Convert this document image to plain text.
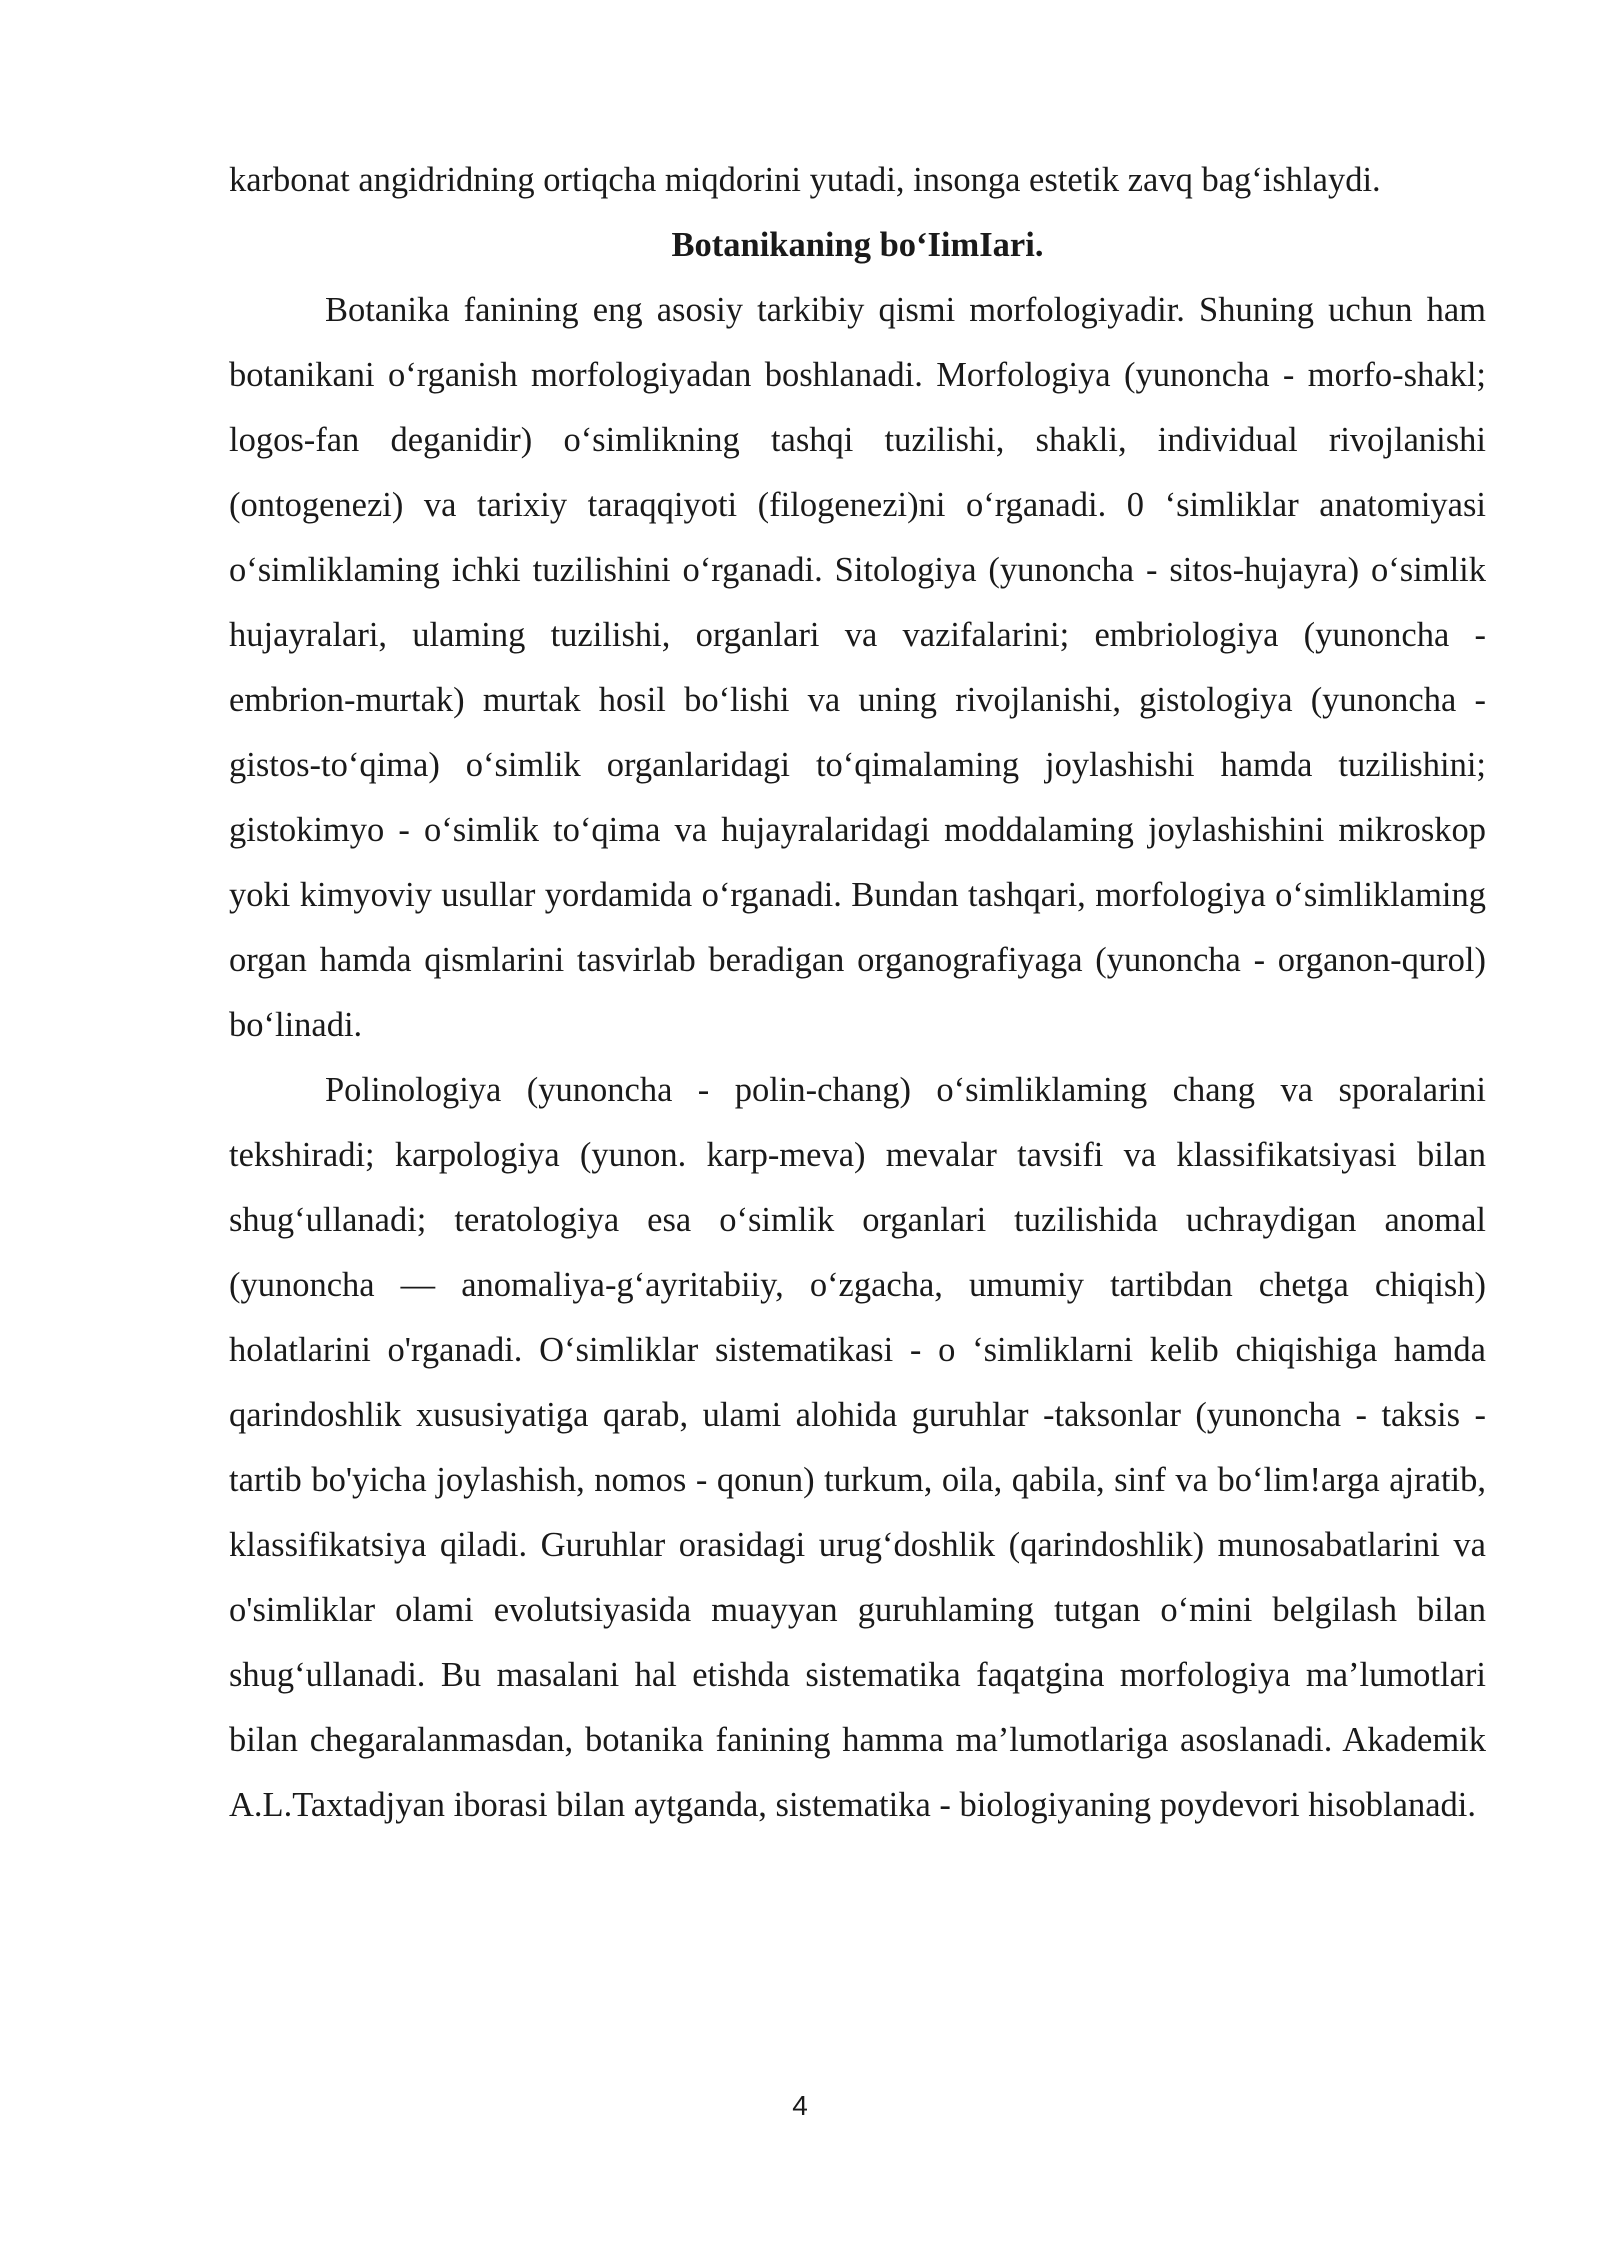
karbonat angidridning ortiqcha miqdorini yutadi, insonga estetik zavq bag‘ishlaydi.

Botanikaning bo‘IimIari.

Botanika fanining eng asosiy tarkibiy qismi morfologiyadir. Shuning uchun ham botanikani o‘rganish morfologiyadan boshlanadi. Morfologiya (yunoncha - morfo-shakl; logos-fan deganidir) o‘simlikning tashqi tuzilishi, shakli, individual rivojlanishi (ontogenezi) va tarixiy taraqqiyoti (filogenezi)ni o‘rganadi. 0 ‘simliklar anatomiyasi o‘simliklaming ichki tuzilishini o‘rganadi. Sitologiya (yunoncha - sitos-hujayra) o‘simlik hujayralari, ulaming tuzilishi, organlari va vazifalarini; embriologiya (yunoncha - embrion-murtak) murtak hosil bo‘lishi va uning rivojlanishi, gistologiya (yunoncha - gistos-to‘qima) o‘simlik organlaridagi to‘qimalaming joylashishi hamda tuzilishini; gistokimyo - o‘simlik to‘qima va hujayralaridagi moddalaming joylashishini mikroskop yoki kimyoviy usullar yordamida o‘rganadi. Bundan tashqari, morfologiya o‘simliklaming organ hamda qismlarini tasvirlab beradigan organografiyaga (yunoncha - organon-qurol) bo‘linadi.

Polinologiya (yunoncha - polin-chang) o‘simliklaming chang va sporalarini tekshiradi; karpologiya (yunon. karp-meva) mevalar tavsifi va klassifikatsiyasi bilan shug‘ullanadi; teratologiya esa o‘simlik organlari tuzilishida uchraydigan anomal (yunoncha — anomaliya-g‘ayritabiiy, o‘zgacha, umumiy tartibdan chetga chiqish) holatlarini o'rganadi. O‘simliklar sistematikasi - o ‘simliklarni kelib chiqishiga hamda qarindoshlik xususiyatiga qarab, ulami alohida guruhlar -taksonlar (yunoncha - taksis - tartib bo'yicha joylashish, nomos - qonun) turkum, oila, qabila, sinf va bo‘lim!arga ajratib, klassifikatsiya qiladi. Guruhlar orasidagi urug‘doshlik (qarindoshlik) munosabatlarini va o'simliklar olami evolutsiyasida muayyan guruhlaming tutgan o‘mini belgilash bilan shug‘ullanadi. Bu masalani hal etishda sistematika faqatgina morfologiya ma’lumotlari bilan chegaralanmasdan, botanika fanining hamma ma’lumotlariga asoslanadi. Akademik A.L.Taxtadjyan iborasi bilan aytganda, sistematika - biologiyaning poydevori hisoblanadi.

4
